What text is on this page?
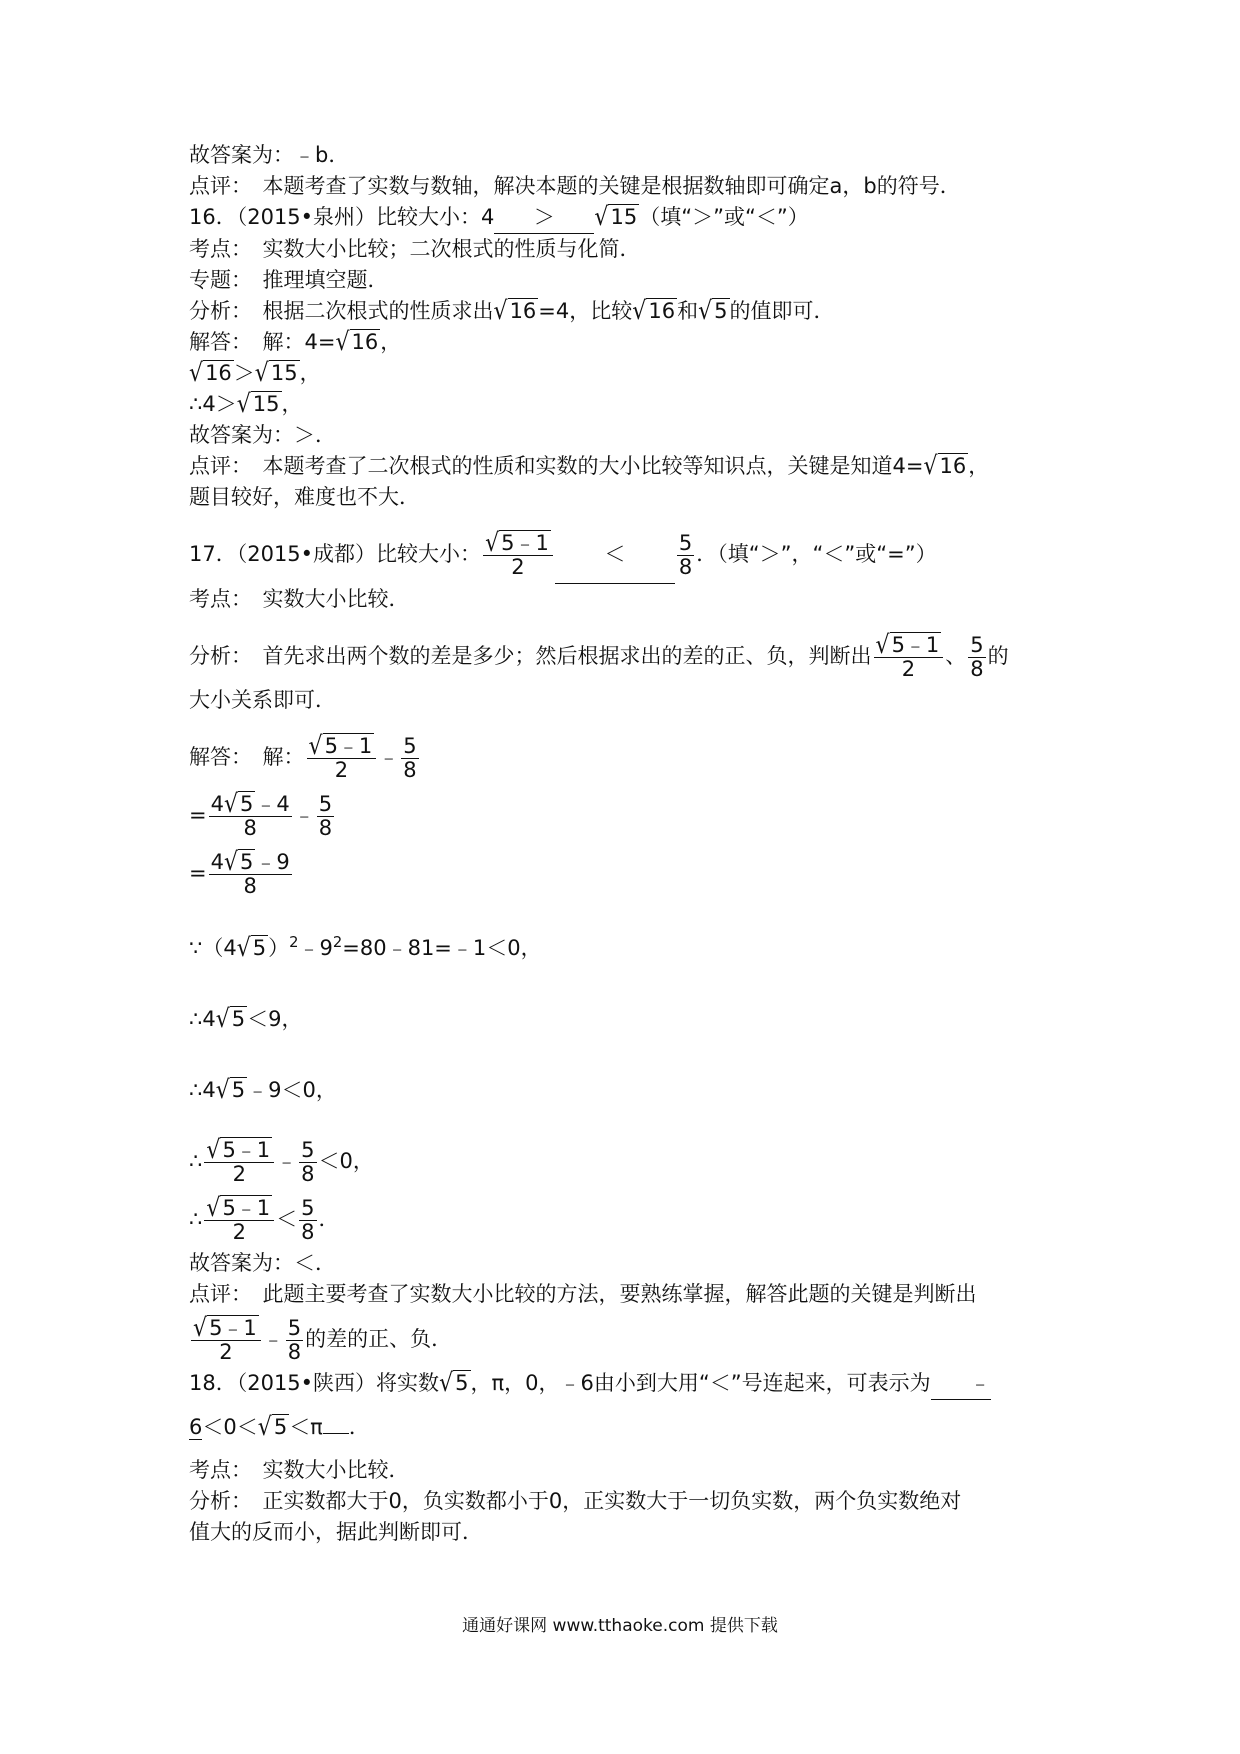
故答案为：﹣b．
点评：　本题考查了实数与数轴，解决本题的关键是根据数轴即可确定a，b的符号．
16．（2015•泉州）比较大小：4 ＞ √15（填“＞”或“＜”）
考点：　实数大小比较；二次根式的性质与化简．
专题：　推理填空题．
分析：　根据二次根式的性质求出√16=4，比较√16和√5的值即可．
解答：　解：4=√16，
√16＞√15，
∴4＞√15，
故答案为：＞．
点评：　本题考查了二次根式的性质和实数的大小比较等知识点，关键是知道4=√16，
题目较好，难度也不大．
17．（2015•成都）比较大小： $\frac{√5﹣1}{2} < \frac{5}{8}$ ．（填“＞”，“＜”或“=”）
考点：　实数大小比较．
分析：　首先求出两个数的差是多少；然后根据求出的差的正、负，判断出 $\frac{√5﹣1}{2}$ 、 $\frac{5}{8}$ 的
大小关系即可．
解答：　解： $\frac{√5﹣1}{2}$ ﹣ $\frac{5}{8}$
= $\frac{4√5﹣4}{8}$ ﹣ $\frac{5}{8}$
= $\frac{4√5﹣9}{8}$
$\because(4√5)^2﹣9^2=80﹣81=﹣1<0$，
∴4√5＜9，
∴4√5﹣9＜0，
∴ $\frac{√5﹣1}{2}$ ﹣ $\frac{5}{8} <0$，
∴ $\frac{√5﹣1}{2} < \frac{5}{8}$ ．
故答案为：＜．
点评：　此题主要考查了实数大小比较的方法，要熟练掌握，解答此题的关键是判断出
$\frac{√5﹣1}{2}$ ﹣ $\frac{5}{8}$ 的差的正、负．
18．（2015•陕西）将实数√5，π，0，﹣6由小到大用“＜”号连起来，可表示为 ﹣
6＜0＜√5＜π ．
考点：　实数大小比较．
分析：　正实数都大于0，负实数都小于0，正实数大于一切负实数，两个负实数绝对
值大的反而小，据此判断即可．
通通好课网 www.tthaoke.com 提供下载
